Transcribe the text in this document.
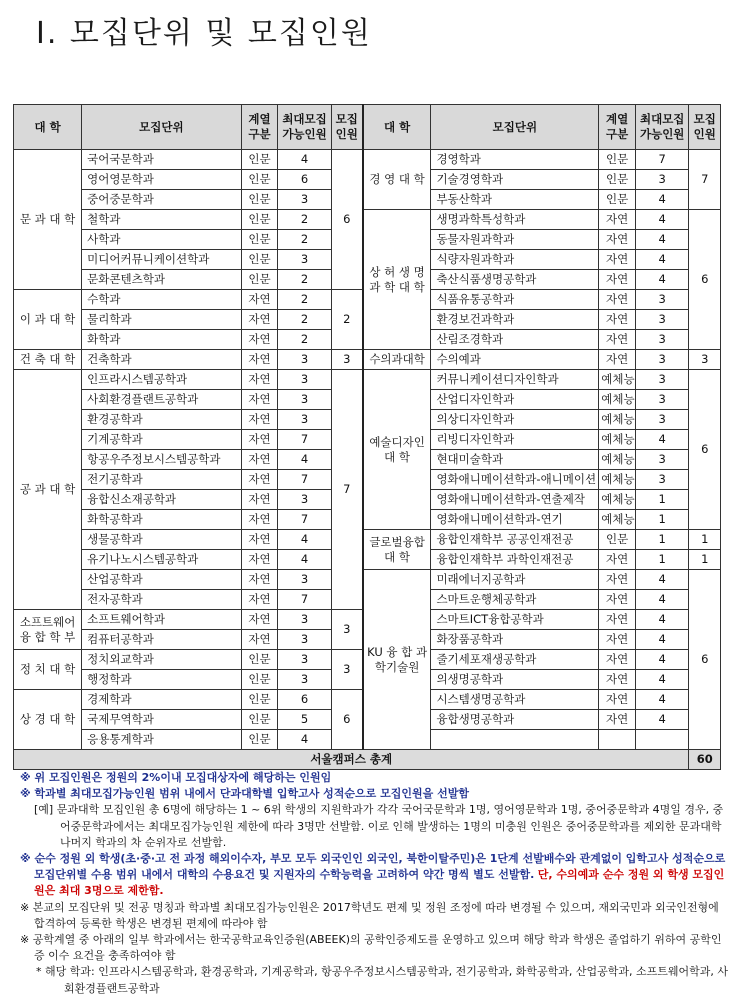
Ⅰ. 모집단위 및 모집인원
대 학	모집단위	계열 구분	최대모집 가능인원	모집 인원	대 학	모집단위	계열 구분	최대모집 가능인원	모집 인원
문 과 대 학	국어국문학과	인문	4	6	경 영 대 학	경영학과	인문	7	7
	영어영문학과	인문	6			기술경영학과	인문	3	
	중어중문학과	인문	3			부동산학과	인문	4	
	철학과	인문	2		상 허 생 명 과 학 대 학	생명과학특성학과	자연	4	6
	사학과	인문	2			동물자원과학과	자연	4	
	미디어커뮤니케이션학과	인문	3			식량자원과학과	자연	4	
	문화콘텐츠학과	인문	2			축산식품생명공학과	자연	4	
이 과 대 학	수학과	자연	2	2		식품유통공학과	자연	3	
	물리학과	자연	2			환경보건과학과	자연	3	
	화학과	자연	2			산림조경학과	자연	3	
건 축 대 학	건축학과	자연	3	3	수의과대학	수의예과	자연	3	3
공 과 대 학	인프라시스템공학과	자연	3	7	예술디자인 대 학	커뮤니케이션디자인학과	예체능	3	6
	사회환경플랜트공학과	자연	3			산업디자인학과	예체능	3	
	환경공학과	자연	3			의상디자인학과	예체능	3	
	기계공학과	자연	7			리빙디자인학과	예체능	4	
	항공우주정보시스템공학과	자연	4			현대미술학과	예체능	3	
	전기공학과	자연	7			영화애니메이션학과-애니메이션	예체능	3	
	융합신소재공학과	자연	3			영화애니메이션학과-연출제작	예체능	1	
	화학공학과	자연	7			영화애니메이션학과-연기	예체능	1	
	생물공학과	자연	4		글로벌융합 대 학	융합인재학부 공공인재전공	인문	1	1
	유기나노시스템공학과	자연	4			융합인재학부 과학인재전공	자연	1	1
	산업공학과	자연	3		KU 융 합 과학기술원	미래에너지공학과	자연	4	6
	전자공학과	자연	7			스마트운행체공학과	자연	4	
소프트웨어 융 합 학 부	소프트웨어학과	자연	3	3		스마트ICT융합공학과	자연	4	
	컴퓨터공학과	자연	3			화장품공학과	자연	4	
정 치 대 학	정치외교학과	인문	3	3		줄기세포재생공학과	자연	4	
	행정학과	인문	3			의생명공학과	자연	4	
상 경 대 학	경제학과	인문	6	6		시스템생명공학과	자연	4	
	국제무역학과	인문	5			융합생명공학과	자연	4	
	응용통계학과	인문	4						
서울캠퍼스 총계									60

※ 위 모집인원은 정원의 2%이내 모집대상자에 해당하는 인원임

※ 학과별 최대모집가능인원 범위 내에서 단과대학별 입학고사 성적순으로 모집인원을 선발함

[예] 문과대학 모집인원 총 6명에 해당하는 1 ~ 6위 학생의 지원학과가 각각 국어국문학과 1명, 영어영문학과 1명, 중어중문학과 4명일 경우, 중어중문학과에서는 최대모집가능인원 제한에 따라 3명만 선발함. 이로 인해 발생하는 1명의 미충원 인원은 중어중문학과를 제외한 문과대학 나머지 학과의 차 순위자로 선발함.

※ 순수 정원 외 학생(초·중·고 전 과정 해외이수자, 부모 모두 외국인인 외국인, 북한이탈주민)은 1단계 선발배수와 관계없이 입학고사 성적순으로 모집단위별 수용 범위 내에서 대학의 수용요건 및 지원자의 수학능력을 고려하여 약간 명씩 별도 선발함. 단, 수의예과 순수 정원 외 학생 모집인원은 최대 3명으로 제한함.

※ 본교의 모집단위 및 전공 명칭과 학과별 최대모집가능인원은 2017학년도 편제 및 정원 조정에 따라 변경될 수 있으며, 재외국민과 외국인전형에 합격하여 등록한 학생은 변경된 편제에 따라야 함

※ 공학계열 중 아래의 일부 학과에서는 한국공학교육인증원(ABEEK)의 공학인증제도를 운영하고 있으며 해당 학과 학생은 졸업하기 위하여 공학인증 이수 요건을 충족하여야 함

* 해당 학과: 인프라시스템공학과, 환경공학과, 기계공학과, 항공우주정보시스템공학과, 전기공학과, 화학공학과, 산업공학과, 소프트웨어학과, 사회환경플랜트공학과
